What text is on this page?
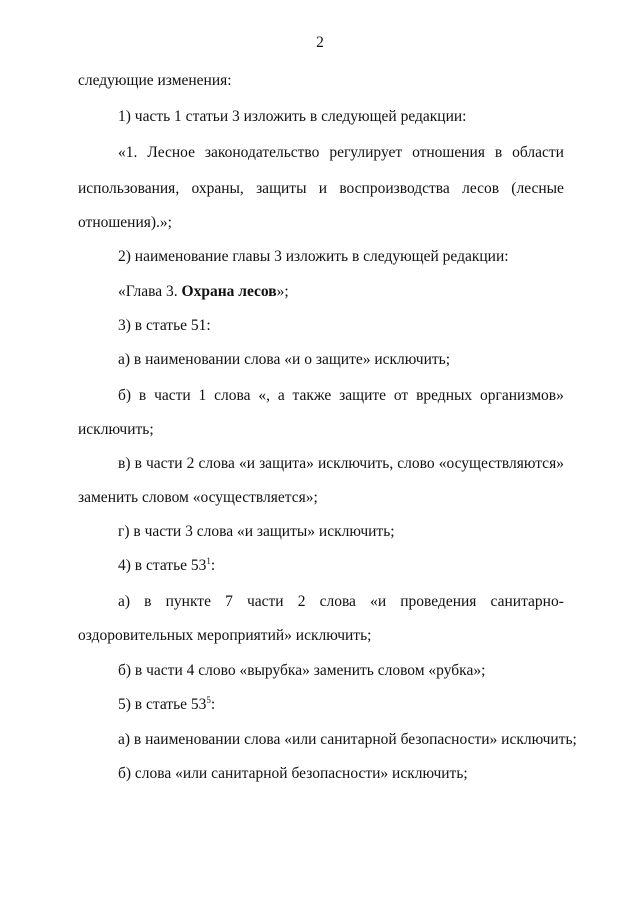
2
следующие изменения:
1) часть 1 статьи 3 изложить в следующей редакции:
«1. Лесное законодательство регулирует отношения в области
использования, охраны, защиты и воспроизводства лесов (лесные
отношения).»;
2) наименование главы 3 изложить в следующей редакции:
«Глава 3. Охрана лесов»;
3) в статье 51:
а) в наименовании слова «и о защите» исключить;
б) в части 1 слова «, а также защите от вредных организмов»
исключить;
в) в части 2 слова «и защита» исключить, слово «осуществляются»
заменить словом «осуществляется»;
г) в части 3 слова «и защиты» исключить;
4) в статье $53^1$:
а) в пункте 7 части 2 слова «и проведения санитарно-
оздоровительных мероприятий» исключить;
б) в части 4 слово «вырубка» заменить словом «рубка»;
5) в статье $53^5$:
а) в наименовании слова «или санитарной безопасности» исключить;
б) слова «или санитарной безопасности» исключить;
